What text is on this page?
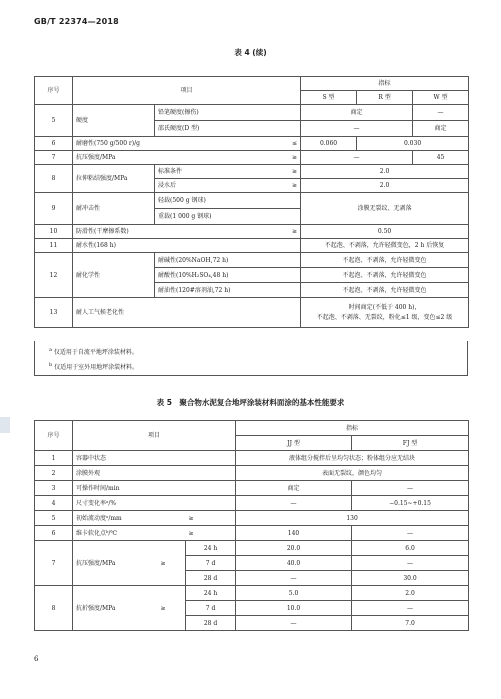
GB/T 22374—2018
表 4 (续)
序号	项目			指标		
				S 型	R 型	W 型
5	硬度	铅笔硬度(擦伤)		商定		—
		邵氏硬度(D 型)		—		商定
6	耐磨性(750 g/500 r)/g		≤	0.060	0.030	
7	抗压强度/MPa		≥	—		45
8	拉伸粘结强度/MPa	标准条件	≥	2.0		
		浸水后	≥	2.0		
9	耐冲击性	轻载(500 g 钢球)		涂膜无裂纹、无剥落		
		重载(1 000 g 钢球)				
10	防滑性(干摩擦系数)		≥	0.50		
11	耐水性(168 h)			不起泡、不剥落，允许轻微变色，2 h 后恢复		
12	耐化学性	耐碱性(20%NaOH,72 h)		不起泡、不剥落，允许轻微变色		
		耐酸性(10%H₂SO₄,48 h)		不起泡、不剥落，允许轻微变色		
		耐油性(120#溶剂油,72 h)		不起泡、不剥落，允许轻微变色		
13	耐人工气候老化性			时间商定(不低于 400 h)，
不起泡、不剥落、无裂纹，粉化≤1 级，变色≤2 级		
$^a$ 仅适用于自流平地坪涂装材料。
$^b$ 仅适用于室外用地坪涂装材料。
表 5　聚合物水泥复合地坪涂装材料面涂的基本性能要求
序号	项目			指标	
				JJ 型	FJ 型
1	容器中状态			液体组分搅拌后呈均匀状态；粉体组分应无结块	
2	涂膜外观			表面无裂纹，颜色均匀	
3	可操作时间/min			商定	—
4	尺寸变化率ᵃ/%			—	−0.15~+0.15
5	初始流动度ᵃ/mm		≥	130	
6	维卡软化点ᵇ/℃		≥	140	—
7	抗压强度/MPa	≥	24 h	20.0	6.0
			7 d	40.0	—
			28 d	—	30.0
8	抗折强度/MPa	≥	24 h	5.0	2.0
			7 d	10.0	—
			28 d	—	7.0
6
